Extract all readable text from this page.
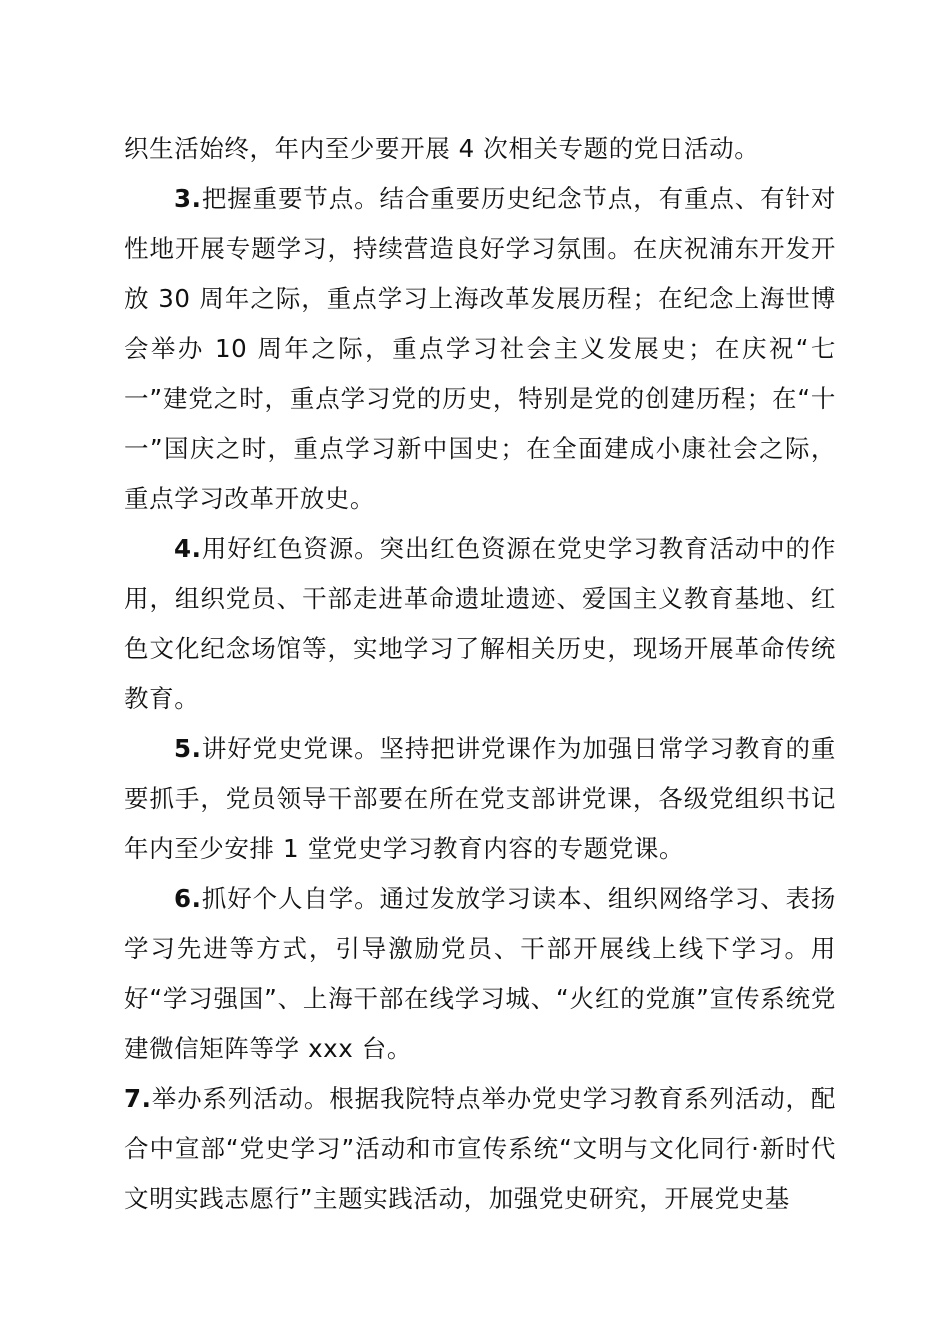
织生活始终，年内至少要开展 4 次相关专题的党日活动。

3.把握重要节点。结合重要历史纪念节点，有重点、有针对性地开展专题学习，持续营造良好学习氛围。在庆祝浦东开发开放 30 周年之际，重点学习上海改革发展历程；在纪念上海世博会举办 10 周年之际，重点学习社会主义发展史；在庆祝“七一”建党之时，重点学习党的历史，特别是党的创建历程；在“十一”国庆之时，重点学习新中国史；在全面建成小康社会之际，重点学习改革开放史。

4.用好红色资源。突出红色资源在党史学习教育活动中的作用，组织党员、干部走进革命遗址遗迹、爱国主义教育基地、红色文化纪念场馆等，实地学习了解相关历史，现场开展革命传统教育。

5.讲好党史党课。坚持把讲党课作为加强日常学习教育的重要抓手，党员领导干部要在所在党支部讲党课，各级党组织书记年内至少安排 1 堂党史学习教育内容的专题党课。

6.抓好个人自学。通过发放学习读本、组织网络学习、表扬学习先进等方式，引导激励党员、干部开展线上线下学习。用好“学习强国”、上海干部在线学习城、“火红的党旗”宣传系统党建微信矩阵等学 xxx 台。

7.举办系列活动。根据我院特点举办党史学习教育系列活动，配合中宣部“党史学习”活动和市宣传系统“文明与文化同行·新时代文明实践志愿行”主题实践活动，加强党史研究，开展党史基
